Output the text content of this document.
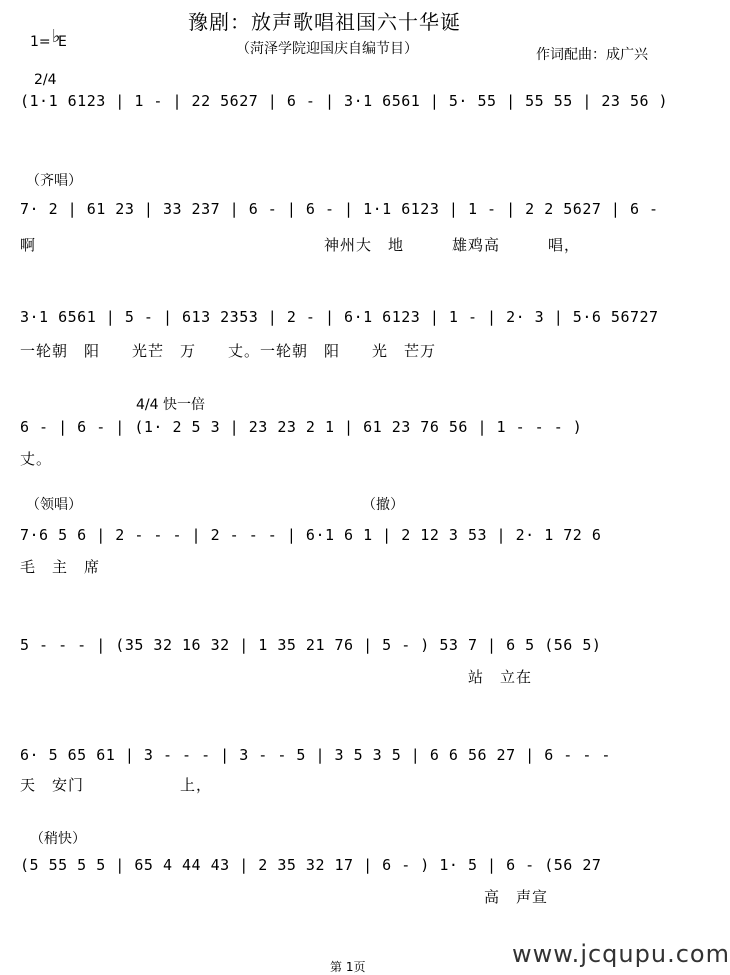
豫剧：放声歌唱祖国六十华诞
1= ♭
E	（菏泽学院迎国庆自编节目）	作词配曲：成广兴
2/4
(1·1 6123 | 1 - | 22 5627 | 6 - | 3·1 6561 | 5· 55 | 55 55 | 23 56 )
（齐唱）
7· 2 | 61 23 | 33 237 | 6 - | 6 - | 1·1 6123 | 1 - | 2 2 5627 | 6 -
啊　　　　　　　　　　　　　　　　　　神州大　地　　　雄鸡高　　　唱，
3·1 6561 | 5 - | 613 2353 | 2 - | 6·1 6123 | 1 - | 2· 3 | 5·6 56727
一轮朝　阳　　光芒　万　　丈。一轮朝　阳　　光　芒万
4/4 快一倍
6 - | 6 - | (1· 2 5 3 | 23 23 2 1 | 61 23 76 56 | 1 - - - )
丈。
（领唱）　　　　　　　　　　　　　　　　　　　　　（撤）
7·6 5 6 | 2 - - - | 2 - - - | 6·1 6 1 | 2 12 3 53 | 2· 1 72 6
毛　主　席
5 - - - | (35 32 16 32 | 1 35 21 76 | 5 - ) 53 7 | 6 5 (56 5)
　　　　　　　　　　　　　　　　　　　　　　　　　　　　站　立在
6· 5 65 61 | 3 - - - | 3 - - 5 | 3 5 3 5 | 6 6 56 27 | 6 - - -
天　安门　　　　　　上，
（稍快）
(5 55 5 5 | 65 4 44 43 | 2 35 32 17 | 6 - ) 1· 5 | 6 - (56 27
　　　　　　　　　　　　　　　　　　　　　　　　　　　　　高　声宣
第 1页	www.jcqupu.com
